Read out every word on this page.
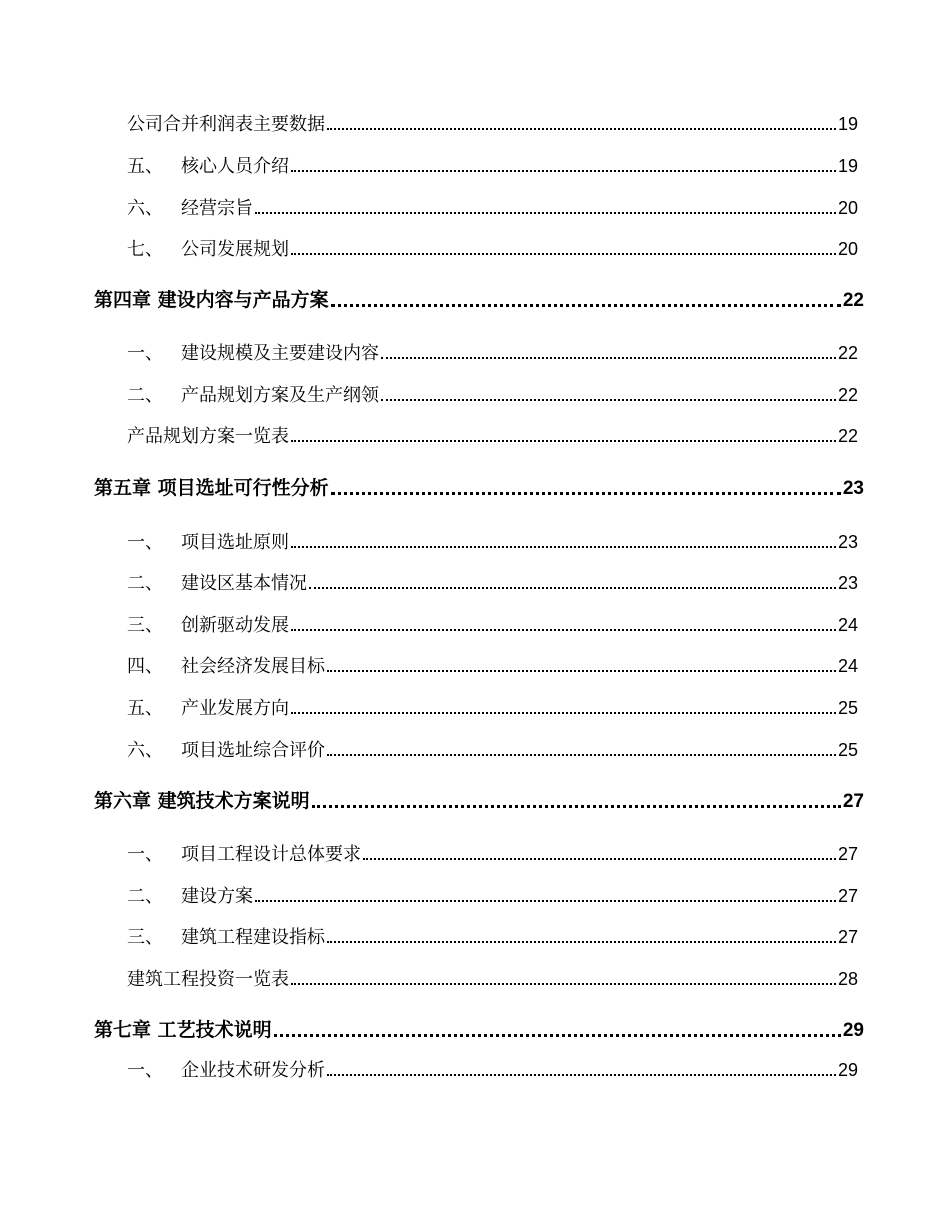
公司合并利润表主要数据	19
五、	核心人员介绍	19
六、	经营宗旨	20
七、	公司发展规划	20
第四章 建设内容与产品方案	22
一、	建设规模及主要建设内容	22
二、	产品规划方案及生产纲领	22
产品规划方案一览表	22
第五章 项目选址可行性分析	23
一、	项目选址原则	23
二、	建设区基本情况	23
三、	创新驱动发展	24
四、	社会经济发展目标	24
五、	产业发展方向	25
六、	项目选址综合评价	25
第六章 建筑技术方案说明	27
一、	项目工程设计总体要求	27
二、	建设方案	27
三、	建筑工程建设指标	27
建筑工程投资一览表	28
第七章 工艺技术说明	29
一、	企业技术研发分析	29
